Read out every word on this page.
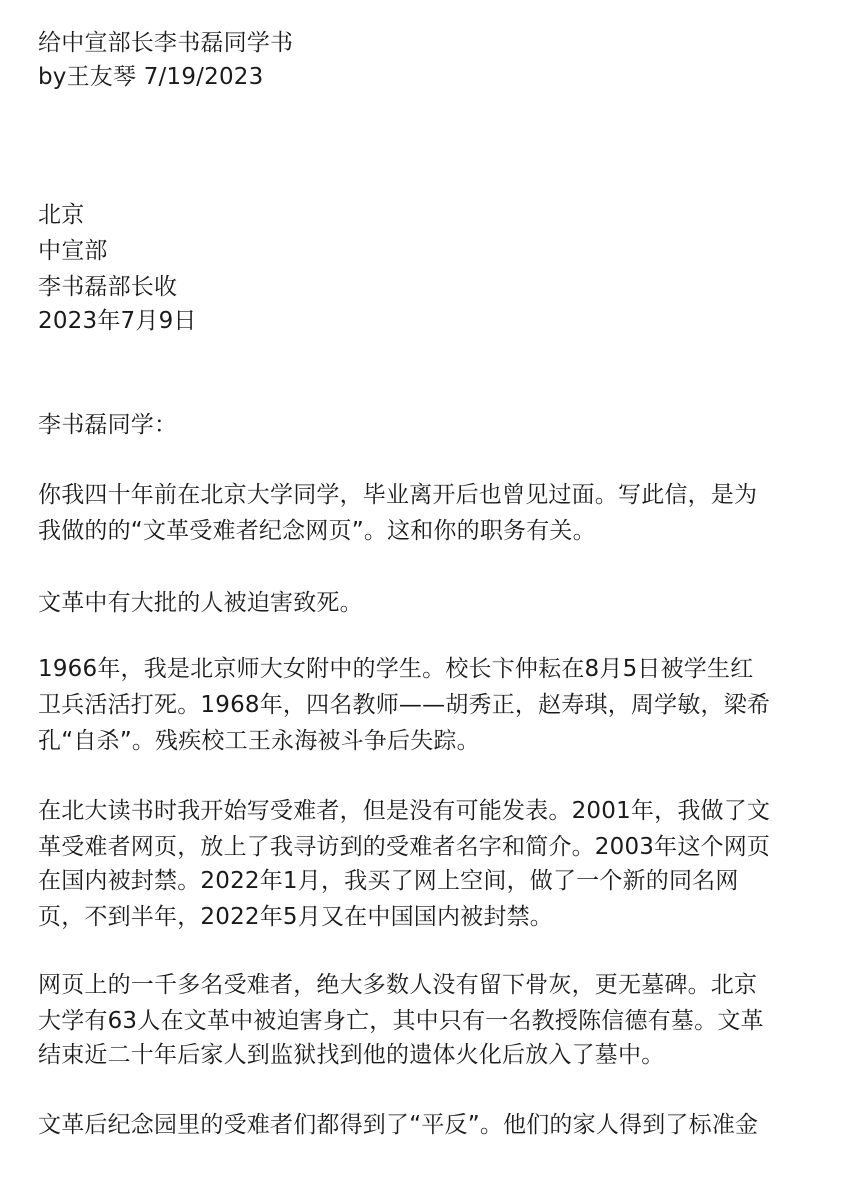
给中宣部长李书磊同学书
by王友琴 7/19/2023
北京
中宣部
李书磊部长收
2023年7月9日
李书磊同学：
你我四十年前在北京大学同学，毕业离开后也曾见过面。写此信，是为
我做的的“文革受难者纪念网页”。这和你的职务有关。
文革中有大批的人被迫害致死。
1966年，我是北京师大女附中的学生。校长卞仲耘在8月5日被学生红
卫兵活活打死。1968年，四名教师——胡秀正，赵寿琪，周学敏，梁希
孔“自杀”。残疾校工王永海被斗争后失踪。
在北大读书时我开始写受难者，但是没有可能发表。2001年，我做了文
革受难者网页，放上了我寻访到的受难者名字和简介。2003年这个网页
在国内被封禁。2022年1月，我买了网上空间，做了一个新的同名网
页，不到半年，2022年5月又在中国国内被封禁。
网页上的一千多名受难者，绝大多数人没有留下骨灰，更无墓碑。北京
大学有63人在文革中被迫害身亡，其中只有一名教授陈信德有墓。文革
结束近二十年后家人到监狱找到他的遗体火化后放入了墓中。
文革后纪念园里的受难者们都得到了“平反”。他们的家人得到了标准金
